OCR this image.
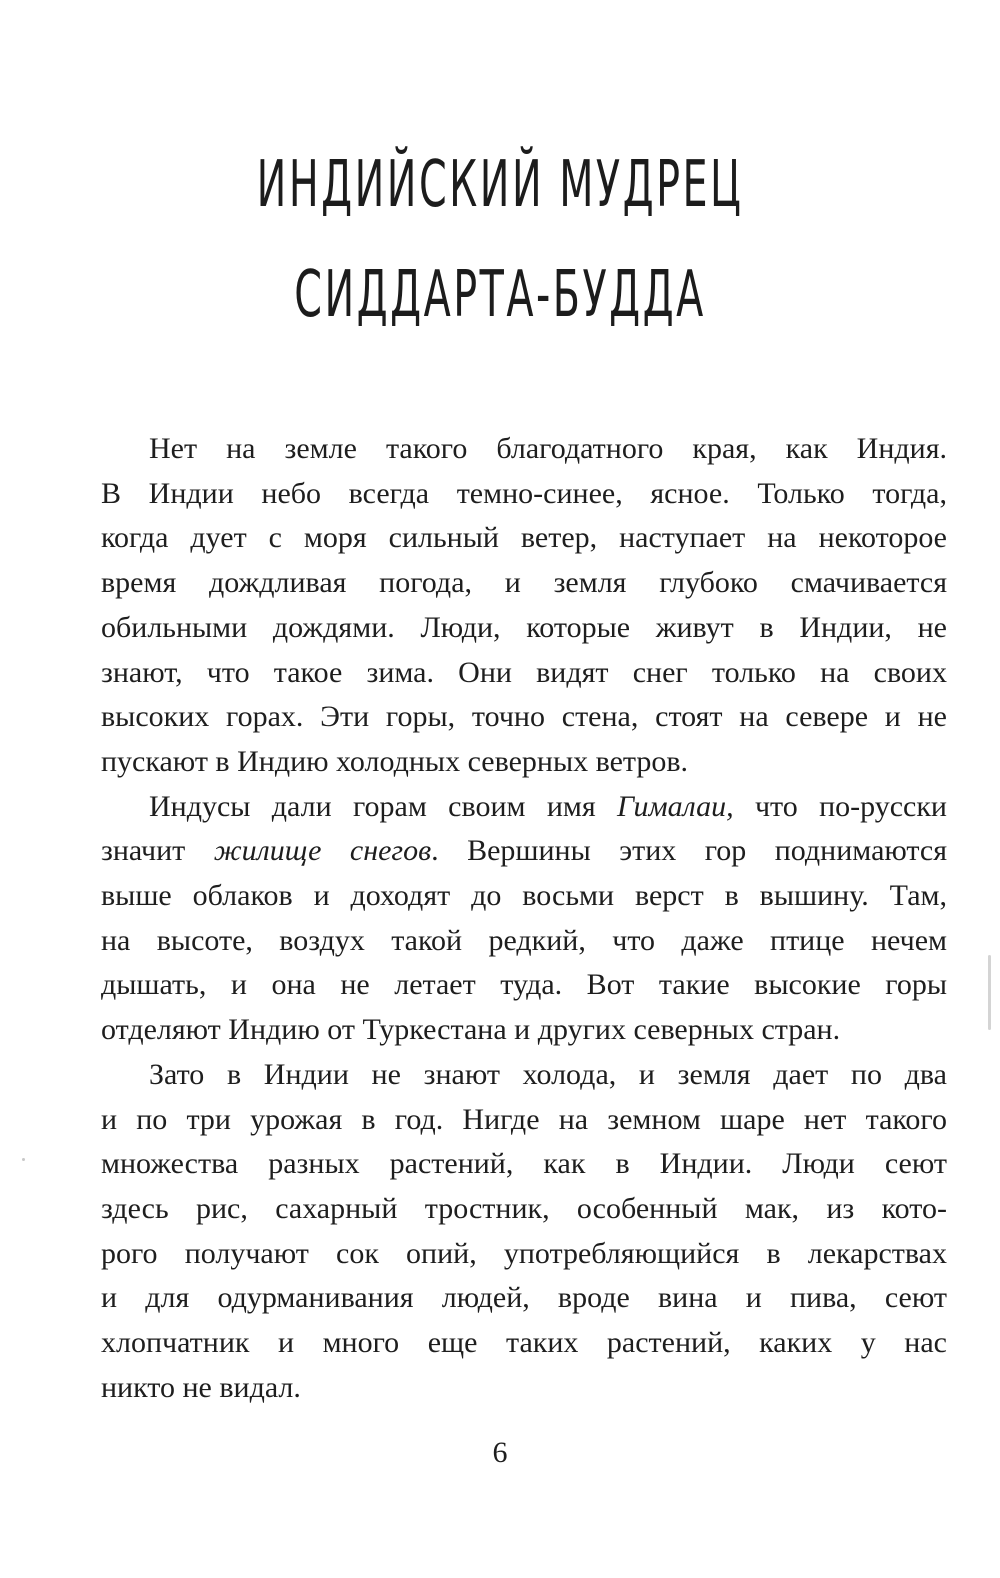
ИНДИЙСКИЙ МУДРЕЦ
СИДДАРТА-БУДДА

Нет на земле такого благодатного края, как Индия.
В Индии небо всегда темно-синее, ясное. Только тогда,
когда дует с моря сильный ветер, наступает на некоторое
время дождливая погода, и земля глубоко смачивается
обильными дождями. Люди, которые живут в Индии, не
знают, что такое зима. Они видят снег только на своих
высоких горах. Эти горы, точно стена, стоят на севере и не
пускают в Индию холодных северных ветров.

Индусы дали горам своим имя Гималаи, что по-русски
значит жилище снегов. Вершины этих гор поднимаются
выше облаков и доходят до восьми верст в вышину. Там,
на высоте, воздух такой редкий, что даже птице нечем
дышать, и она не летает туда. Вот такие высокие горы
отделяют Индию от Туркестана и других северных стран.

Зато в Индии не знают холода, и земля дает по два
и по три урожая в год. Нигде на земном шаре нет такого
множества разных растений, как в Индии. Люди сеют
здесь рис, сахарный тростник, особенный мак, из кото-
рого получают сок опий, употребляющийся в лекарствах
и для одурманивания людей, вроде вина и пива, сеют
хлопчатник и много еще таких растений, каких у нас
никто не видал.

6
